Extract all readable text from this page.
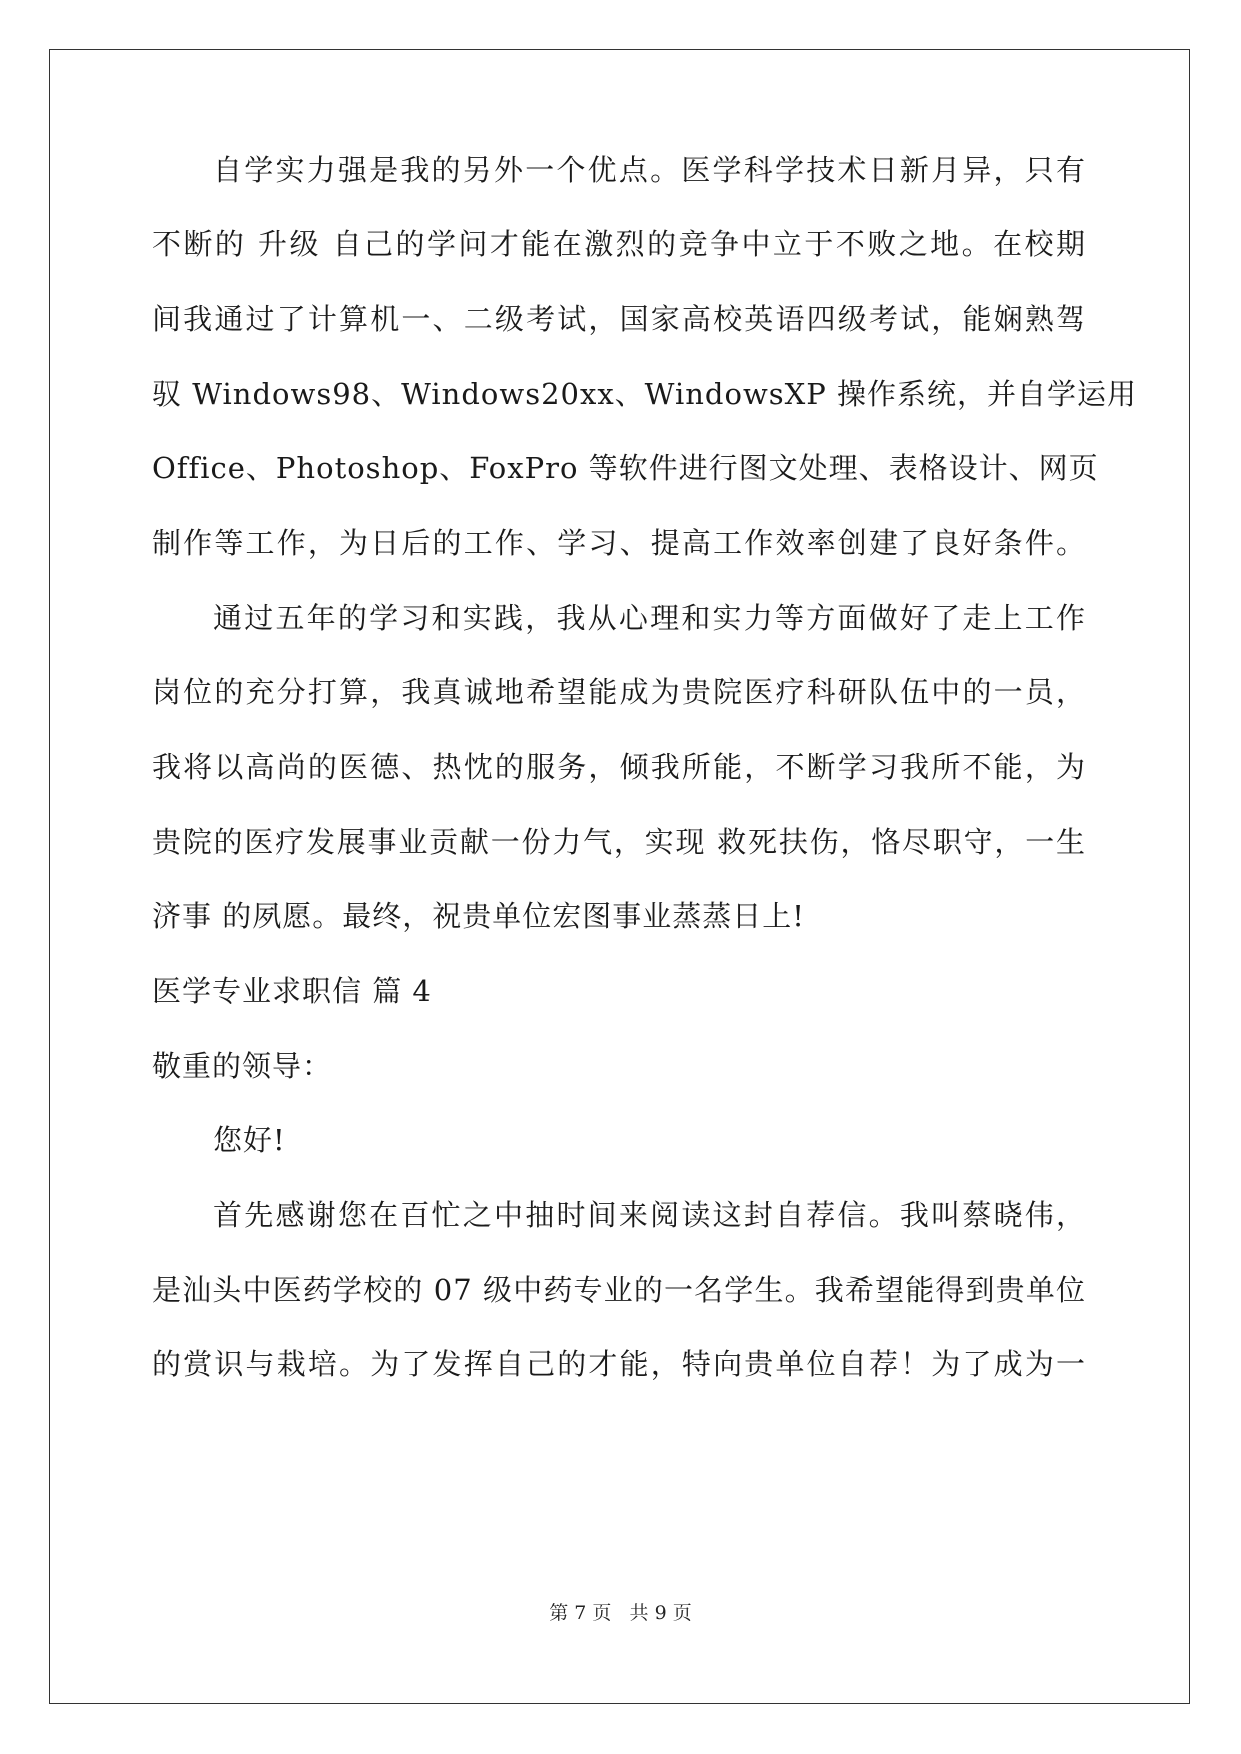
自学实力强是我的另外一个优点。医学科学技术日新月异，只有
不断的 升级 自己的学问才能在激烈的竞争中立于不败之地。在校期
间我通过了计算机一、二级考试，国家高校英语四级考试，能娴熟驾
驭 Windows98、Windows20xx、WindowsXP 操作系统，并自学运用
Office、Photoshop、FoxPro 等软件进行图文处理、表格设计、网页
制作等工作，为日后的工作、学习、提高工作效率创建了良好条件。
通过五年的学习和实践，我从心理和实力等方面做好了走上工作
岗位的充分打算，我真诚地希望能成为贵院医疗科研队伍中的一员，
我将以高尚的医德、热忱的服务，倾我所能，不断学习我所不能，为
贵院的医疗发展事业贡献一份力气，实现 救死扶伤，恪尽职守，一生
济事 的夙愿。最终，祝贵单位宏图事业蒸蒸日上!
医学专业求职信 篇 4
敬重的领导：
您好!
首先感谢您在百忙之中抽时间来阅读这封自荐信。我叫蔡晓伟，
是汕头中医药学校的 07 级中药专业的一名学生。我希望能得到贵单位
的赏识与栽培。为了发挥自己的才能，特向贵单位自荐！为了成为一
第 7 页   共 9 页
